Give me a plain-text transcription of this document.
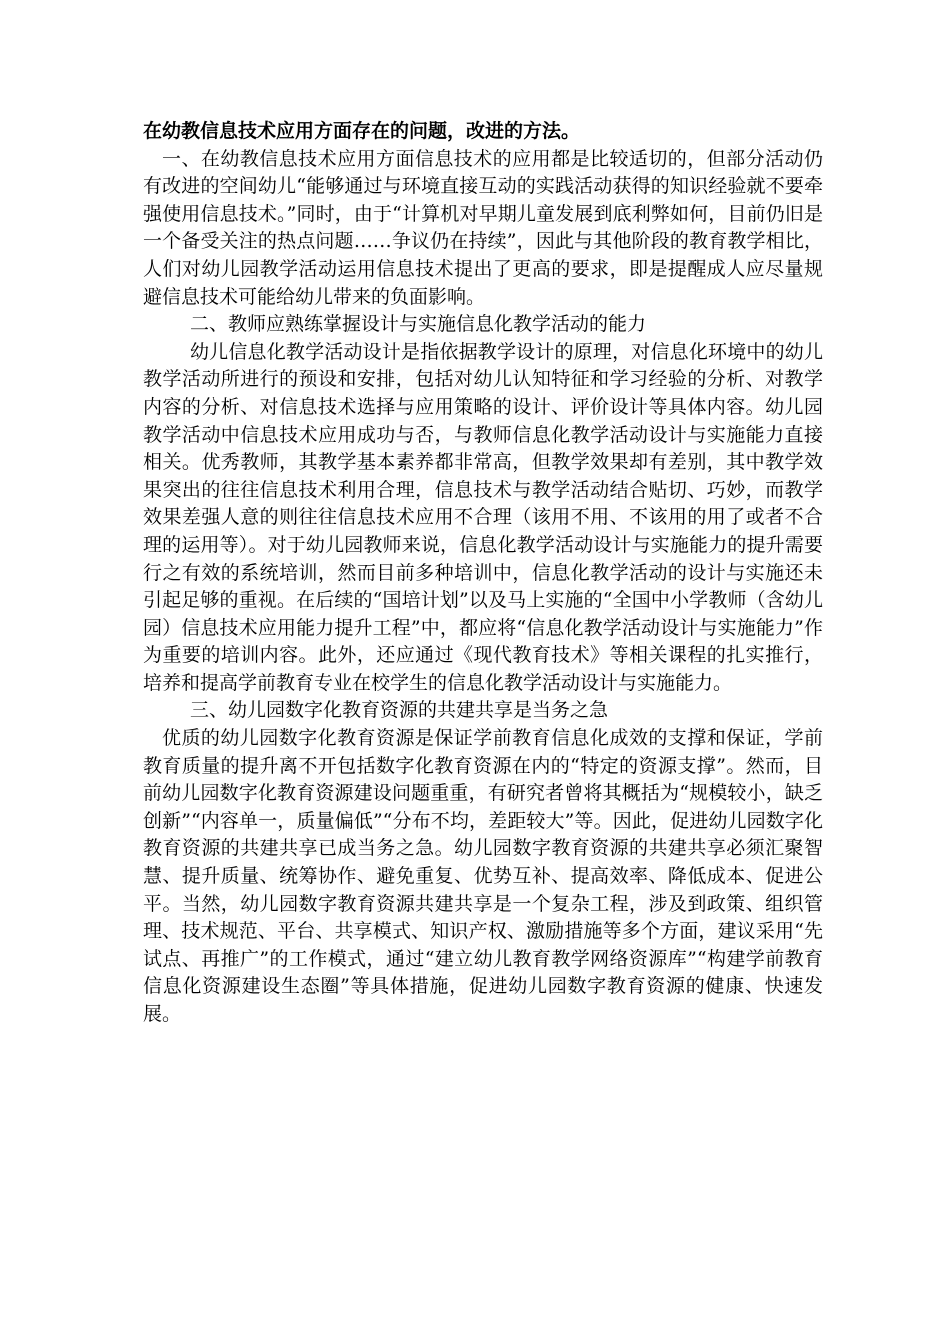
在幼教信息技术应用方面存在的问题，改进的方法。

一、在幼教信息技术应用方面信息技术的应用都是比较适切的，但部分活动仍有改进的空间幼儿“能够通过与环境直接互动的实践活动获得的知识经验就不要牵强使用信息技术。”同时，由于“计算机对早期儿童发展到底利弊如何，目前仍旧是一个备受关注的热点问题……争议仍在持续”，因此与其他阶段的教育教学相比，人们对幼儿园教学活动运用信息技术提出了更高的要求，即是提醒成人应尽量规避信息技术可能给幼儿带来的负面影响。

二、教师应熟练掌握设计与实施信息化教学活动的能力

幼儿信息化教学活动设计是指依据教学设计的原理，对信息化环境中的幼儿教学活动所进行的预设和安排，包括对幼儿认知特征和学习经验的分析、对教学内容的分析、对信息技术选择与应用策略的设计、评价设计等具体内容。幼儿园教学活动中信息技术应用成功与否，与教师信息化教学活动设计与实施能力直接相关。优秀教师，其教学基本素养都非常高，但教学效果却有差别，其中教学效果突出的往往信息技术利用合理，信息技术与教学活动结合贴切、巧妙，而教学效果差强人意的则往往信息技术应用不合理（该用不用、不该用的用了或者不合理的运用等）。对于幼儿园教师来说，信息化教学活动设计与实施能力的提升需要行之有效的系统培训，然而目前多种培训中，信息化教学活动的设计与实施还未引起足够的重视。在后续的“国培计划”以及马上实施的“全国中小学教师（含幼儿园）信息技术应用能力提升工程”中，都应将“信息化教学活动设计与实施能力”作为重要的培训内容。此外，还应通过《现代教育技术》等相关课程的扎实推行，培养和提高学前教育专业在校学生的信息化教学活动设计与实施能力。

三、幼儿园数字化教育资源的共建共享是当务之急

优质的幼儿园数字化教育资源是保证学前教育信息化成效的支撑和保证，学前教育质量的提升离不开包括数字化教育资源在内的“特定的资源支撑”。然而，目前幼儿园数字化教育资源建设问题重重，有研究者曾将其概括为“规模较小，缺乏创新”“内容单一，质量偏低”“分布不均，差距较大”等。因此，促进幼儿园数字化教育资源的共建共享已成当务之急。幼儿园数字教育资源的共建共享必须汇聚智慧、提升质量、统筹协作、避免重复、优势互补、提高效率、降低成本、促进公平。当然，幼儿园数字教育资源共建共享是一个复杂工程，涉及到政策、组织管理、技术规范、平台、共享模式、知识产权、激励措施等多个方面，建议采用“先试点、再推广”的工作模式，通过“建立幼儿教育教学网络资源库”“构建学前教育信息化资源建设生态圈”等具体措施，促进幼儿园数字教育资源的健康、快速发展。
